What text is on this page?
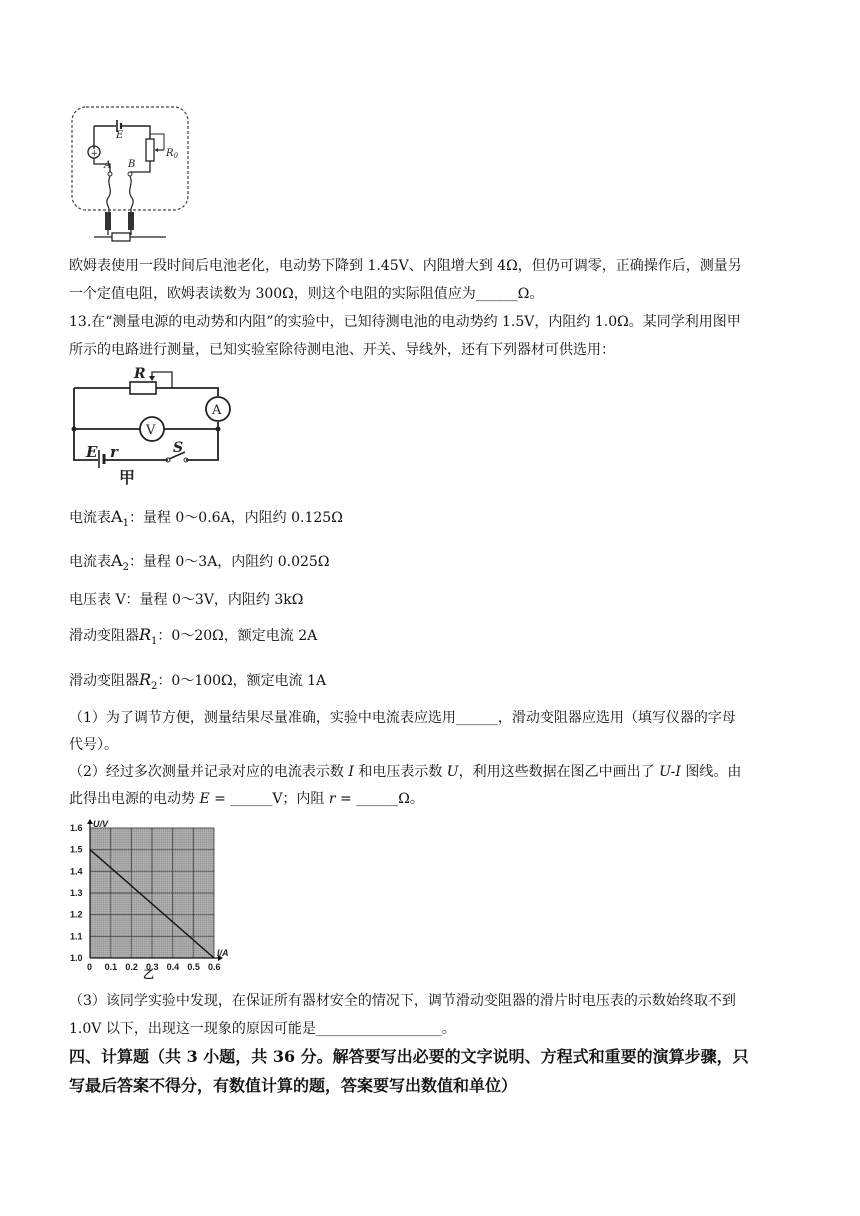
E
+	$R_0$
A B
欧姆表使用一段时间后电池老化，电动势下降到 1.45V、内阻增大到 4Ω，但仍可调零，正确操作后，测量另
一个定值电阻，欧姆表读数为 300Ω，则这个电阻的实际阻值应为______Ω。
13.在“测量电源的电动势和内阻”的实验中，已知待测电池的电动势约 1.5V，内阻约 1.0Ω。某同学利用图甲
所示的电路进行测量，已知实验室除待测电池、开关、导线外，还有下列器材可供选用：
R
A
V
E r	S
甲
电流表$A_1$：量程 0～0.6A，内阻约 0.125Ω
电流表$A_2$：量程 0～3A，内阻约 0.025Ω
电压表 V：量程 0～3V，内阻约 3kΩ
滑动变阻器$R_1$：0～20Ω，额定电流 2A
滑动变阻器$R_2$：0～100Ω，额定电流 1A
（1）为了调节方便，测量结果尽量准确，实验中电流表应选用______，滑动变阻器应选用（填写仪器的字母
代号）。
（2）经过多次测量并记录对应的电流表示数 I 和电压表示数 U，利用这些数据在图乙中画出了 U-I 图线。由
此得出电源的电动势 E = ______V；内阻 r = ______Ω。
0 0.1 0.2 0.3 0.4 0.5 0.6
1.0
1.1
1.2
1.3
1.4
1.5
1.6 U/V
I/A
乙
（3）该同学实验中发现，在保证所有器材安全的情况下，调节滑动变阻器的滑片时电压表的示数始终取不到
1.0V 以下，出现这一现象的原因可能是__________________。
四、计算题（共 3 小题，共 36 分。解答要写出必要的文字说明、方程式和重要的演算步骤，只
写最后答案不得分，有数值计算的题，答案要写出数值和单位）
